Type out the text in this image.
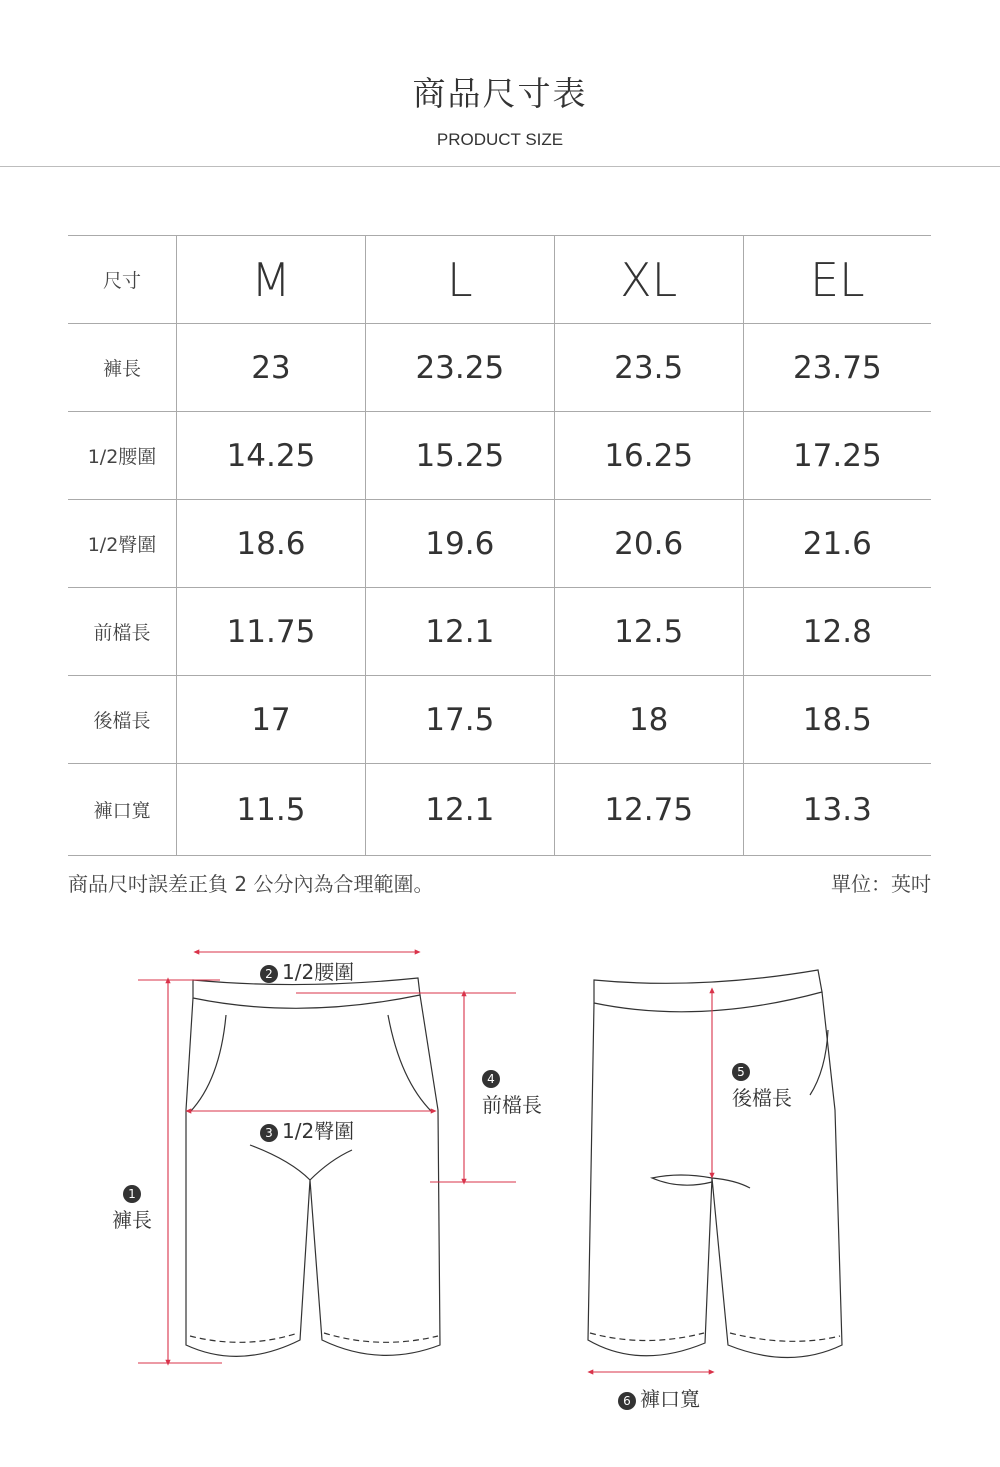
商品尺寸表
PRODUCT SIZE
尺寸	M	L	XL	EL
褲長	23	23.25	23.5	23.75
1/2腰圍	14.25	15.25	16.25	17.25
1/2臀圍	18.6	19.6	20.6	21.6
前檔長	11.75	12.1	12.5	12.8
後檔長	17	17.5	18	18.5
褲口寬	11.5	12.1	12.75	13.3
商品尺吋誤差正負 2 公分內為合理範圍。	單位：英吋
2 1/2腰圍
3 1/2臀圍
1
褲長
4
前檔長
5
後檔長
6 褲口寬
